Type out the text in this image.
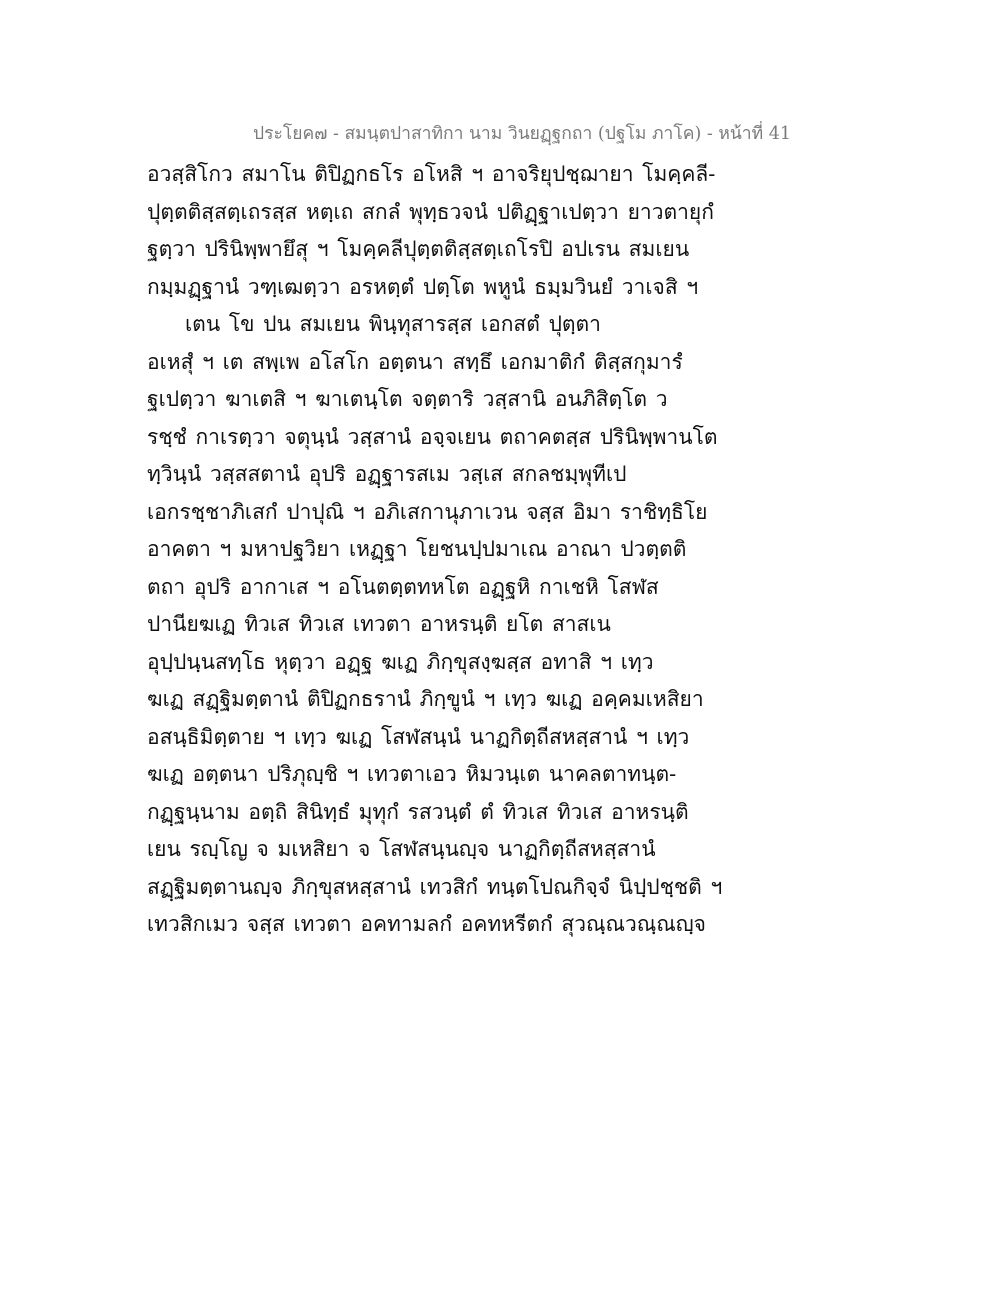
ประโยค๗ - สมนฺตปาสาทิกา นาม วินยฏฺฐกถา (ปฐโม ภาโค) - หน้าที่ 41
อวสฺสิโกว สมาโน ติปิฏกธโร อโหสิ ฯ อาจริยุปชฺฌายา โมคฺคลี-
ปุตฺตติสฺสตฺเถรสฺส หตฺเถ สกลํ พุทฺธวจนํ ปติฏฺฐาเปตฺวา ยาวตายุกํ
ฐตฺวา ปรินิพฺพายึสุ ฯ โมคฺคลีปุตฺตติสฺสตฺเถโรปิ อปเรน สมเยน
กมฺมฏฺฐานํ วฑฺเฒตฺวา อรหตฺตํ ปตฺโต พหูนํ ธมฺมวินยํ วาเจสิ ฯ
เตน โข ปน สมเยน พินฺทุสารสฺส เอกสตํ ปุตฺตา
อเหสุํ ฯ เต สพฺเพ อโสโก อตฺตนา สทฺธึ เอกมาติกํ ติสฺสกุมารํ
ฐเปตฺวา ฆาเตสิ ฯ ฆาเตนฺโต จตฺตาริ วสฺสานิ อนภิสิตฺโต ว
รชฺชํ กาเรตฺวา จตุนฺนํ วสฺสานํ อจฺจเยน ตถาคตสฺส ปรินิพฺพานโต
ทฺวินฺนํ วสฺสสตานํ อุปริ อฏฺฐารสเม วสฺเส สกลชมฺพุทีเป
เอกรชฺชาภิเสกํ ปาปุณิ ฯ อภิเสกานุภาเวน จสฺส อิมา ราชิทฺธิโย
อาคตา ฯ มหาปฐวิยา เหฏฺฐา โยชนปฺปมาเณ อาณา ปวตฺตติ
ตถา อุปริ อากาเส ฯ อโนตตฺตทหโต อฏฺฐหิ กาเชหิ โสฬส
ปานียฆเฏ ทิวเส ทิวเส เทวตา อาหรนฺติ ยโต สาสเน
อุปฺปนฺนสทฺโธ หุตฺวา อฏฺฐ ฆเฏ ภิกฺขุสงฺฆสฺส อทาสิ ฯ เทฺว
ฆเฏ สฏฺฐิมตฺตานํ ติปิฏกธรานํ ภิกฺขูนํ ฯ เทฺว ฆเฏ อคฺคมเหสิยา
อสนฺธิมิตฺตาย ฯ เทฺว ฆเฏ โสฬสนฺนํ นาฏกิตฺถีสหสฺสานํ ฯ เทฺว
ฆเฏ อตฺตนา ปริภุญฺชิ ฯ เทวตาเอว หิมวนฺเต นาคลตาทนฺต-
กฏฺฐนฺนาม อตฺถิ สินิทฺธํ มุทุกํ รสวนฺตํ ตํ ทิวเส ทิวเส อาหรนฺติ
เยน รญฺโญ จ มเหสิยา จ โสฬสนฺนญฺจ นาฏกิตฺถีสหสฺสานํ
สฏฺฐิมตฺตานญฺจ ภิกฺขุสหสฺสานํ เทวสิกํ ทนฺตโปณกิจฺจํ นิปฺปชฺชติ ฯ
เทวสิกเมว จสฺส เทวตา อคทามลกํ อคทหรีตกํ สุวณฺณวณฺณญฺจ
